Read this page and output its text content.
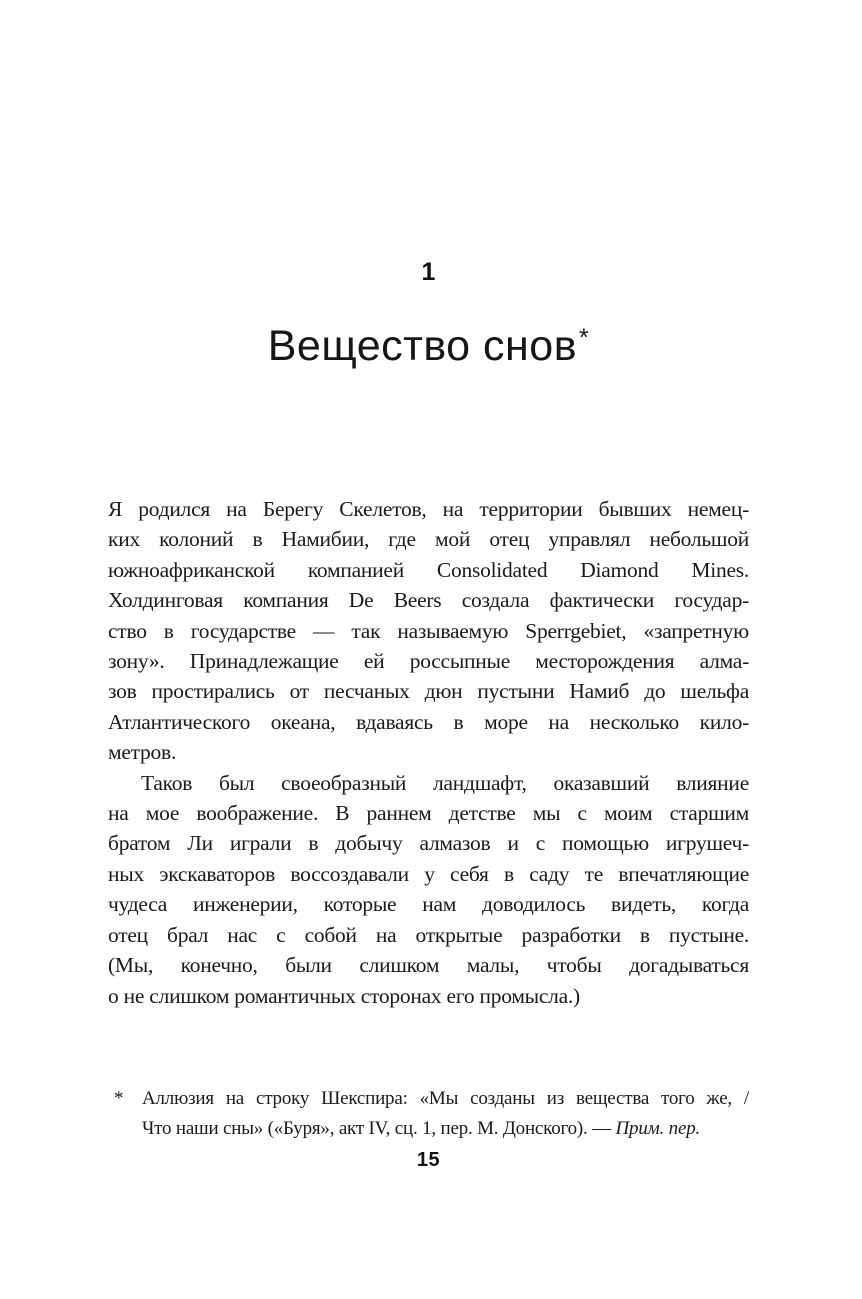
1
Вещество снов*
Я родился на Берегу Скелетов, на территории бывших немец-
ких колоний в Намибии, где мой отец управлял небольшой
южноафриканской компанией Consolidated Diamond Mines.
Холдинговая компания De Beers создала фактически государ-
ство в государстве — так называемую Sperrgebiet, «запретную
зону». Принадлежащие ей россыпные месторождения алма-
зов простирались от песчаных дюн пустыни Намиб до шельфа
Атлантического океана, вдаваясь в море на несколько кило-
метров.
Таков был своеобразный ландшафт, оказавший влияние
на мое воображение. В раннем детстве мы с моим старшим
братом Ли играли в добычу алмазов и с помощью игрушеч-
ных экскаваторов воссоздавали у себя в саду те впечатляющие
чудеса инженерии, которые нам доводилось видеть, когда
отец брал нас с собой на открытые разработки в пустыне.
(Мы, конечно, были слишком малы, чтобы догадываться
о не слишком романтичных сторонах его промысла.)
* Аллюзия на строку Шекспира: «Мы созданы из вещества того же, /
Что наши сны» («Буря», акт IV, сц. 1, пер. М. Донского). — Прим. пер.
15
